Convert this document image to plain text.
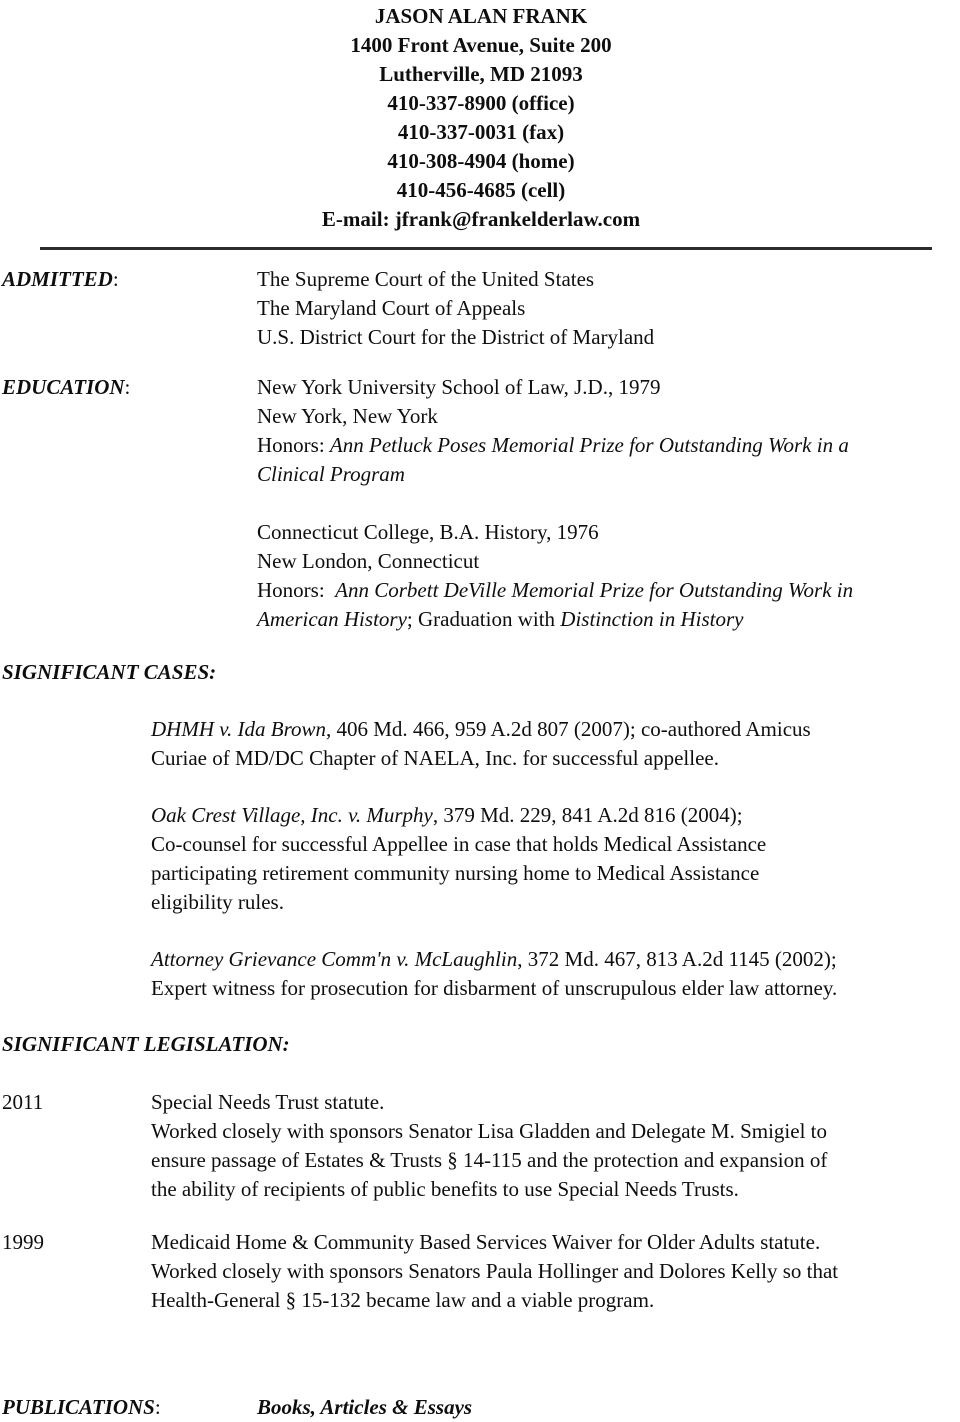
JASON ALAN FRANK
1400 Front Avenue, Suite 200
Lutherville, MD 21093
410-337-8900 (office)
410-337-0031 (fax)
410-308-4904 (home)
410-456-4685 (cell)
E-mail: jfrank@frankelderlaw.com
ADMITTED:	The Supreme Court of the United States
The Maryland Court of Appeals
U.S. District Court for the District of Maryland
EDUCATION:	New York University School of Law, J.D., 1979
New York, New York
Honors: Ann Petluck Poses Memorial Prize for Outstanding Work in a
Clinical Program
Connecticut College, B.A. History, 1976
New London, Connecticut
Honors:  Ann Corbett DeVille Memorial Prize for Outstanding Work in
American History; Graduation with Distinction in History
SIGNIFICANT CASES:
DHMH v. Ida Brown, 406 Md. 466, 959 A.2d 807 (2007); co-authored Amicus
Curiae of MD/DC Chapter of NAELA, Inc. for successful appellee.
Oak Crest Village, Inc. v. Murphy, 379 Md. 229, 841 A.2d 816 (2004);
Co-counsel for successful Appellee in case that holds Medical Assistance
participating retirement community nursing home to Medical Assistance
eligibility rules.
Attorney Grievance Comm'n v. McLaughlin, 372 Md. 467, 813 A.2d 1145 (2002);
Expert witness for prosecution for disbarment of unscrupulous elder law attorney.
SIGNIFICANT LEGISLATION:
2011	Special Needs Trust statute.
Worked closely with sponsors Senator Lisa Gladden and Delegate M. Smigiel to
ensure passage of Estates & Trusts § 14-115 and the protection and expansion of
the ability of recipients of public benefits to use Special Needs Trusts.
1999	Medicaid Home & Community Based Services Waiver for Older Adults statute.
Worked closely with sponsors Senators Paula Hollinger and Dolores Kelly so that
Health-General § 15-132 became law and a viable program.
PUBLICATIONS:	Books, Articles & Essays
